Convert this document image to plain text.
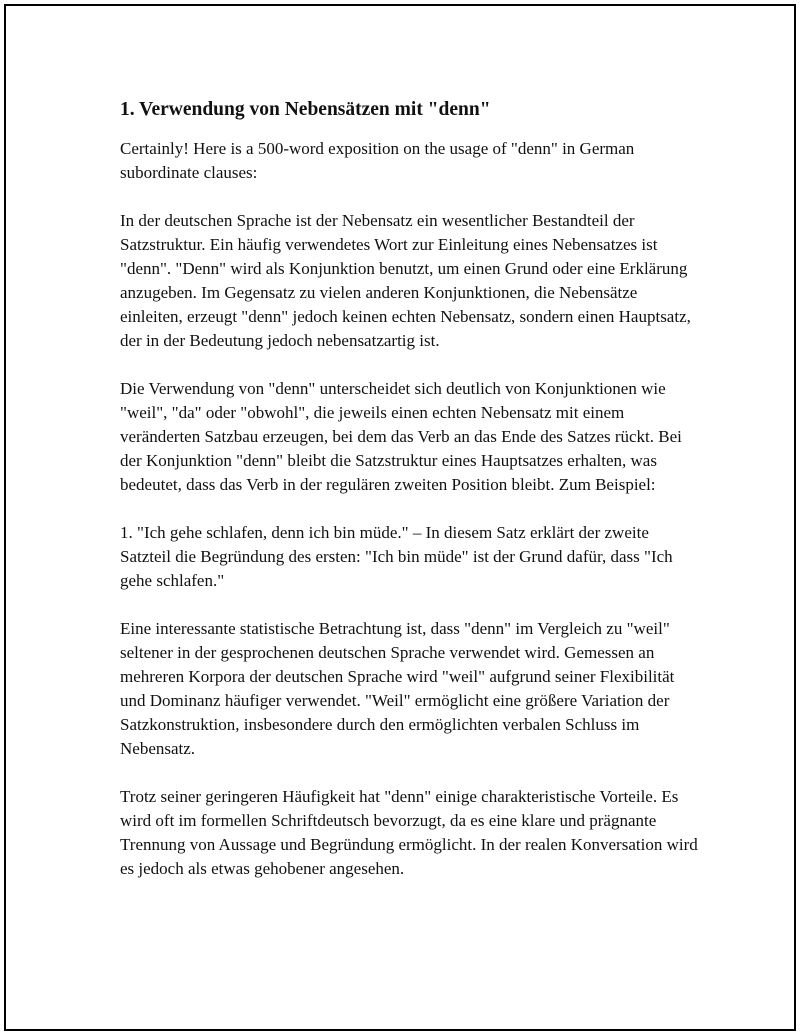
1. Verwendung von Nebensätzen mit "denn"

Certainly! Here is a 500-word exposition on the usage of "denn" in German subordinate clauses:

In der deutschen Sprache ist der Nebensatz ein wesentlicher Bestandteil der Satzstruktur. Ein häufig verwendetes Wort zur Einleitung eines Nebensatzes ist "denn". "Denn" wird als Konjunktion benutzt, um einen Grund oder eine Erklärung anzugeben. Im Gegensatz zu vielen anderen Konjunktionen, die Nebensätze einleiten, erzeugt "denn" jedoch keinen echten Nebensatz, sondern einen Hauptsatz, der in der Bedeutung jedoch nebensatzartig ist.

Die Verwendung von "denn" unterscheidet sich deutlich von Konjunktionen wie "weil", "da" oder "obwohl", die jeweils einen echten Nebensatz mit einem veränderten Satzbau erzeugen, bei dem das Verb an das Ende des Satzes rückt. Bei der Konjunktion "denn" bleibt die Satzstruktur eines Hauptsatzes erhalten, was bedeutet, dass das Verb in der regulären zweiten Position bleibt. Zum Beispiel:

1. "Ich gehe schlafen, denn ich bin müde." – In diesem Satz erklärt der zweite Satzteil die Begründung des ersten: "Ich bin müde" ist der Grund dafür, dass "Ich gehe schlafen."

Eine interessante statistische Betrachtung ist, dass "denn" im Vergleich zu "weil" seltener in der gesprochenen deutschen Sprache verwendet wird. Gemessen an mehreren Korpora der deutschen Sprache wird "weil" aufgrund seiner Flexibilität und Dominanz häufiger verwendet. "Weil" ermöglicht eine größere Variation der Satzkonstruktion, insbesondere durch den ermöglichten verbalen Schluss im Nebensatz.

Trotz seiner geringeren Häufigkeit hat "denn" einige charakteristische Vorteile. Es wird oft im formellen Schriftdeutsch bevorzugt, da es eine klare und prägnante Trennung von Aussage und Begründung ermöglicht. In der realen Konversation wird es jedoch als etwas gehobener angesehen.
